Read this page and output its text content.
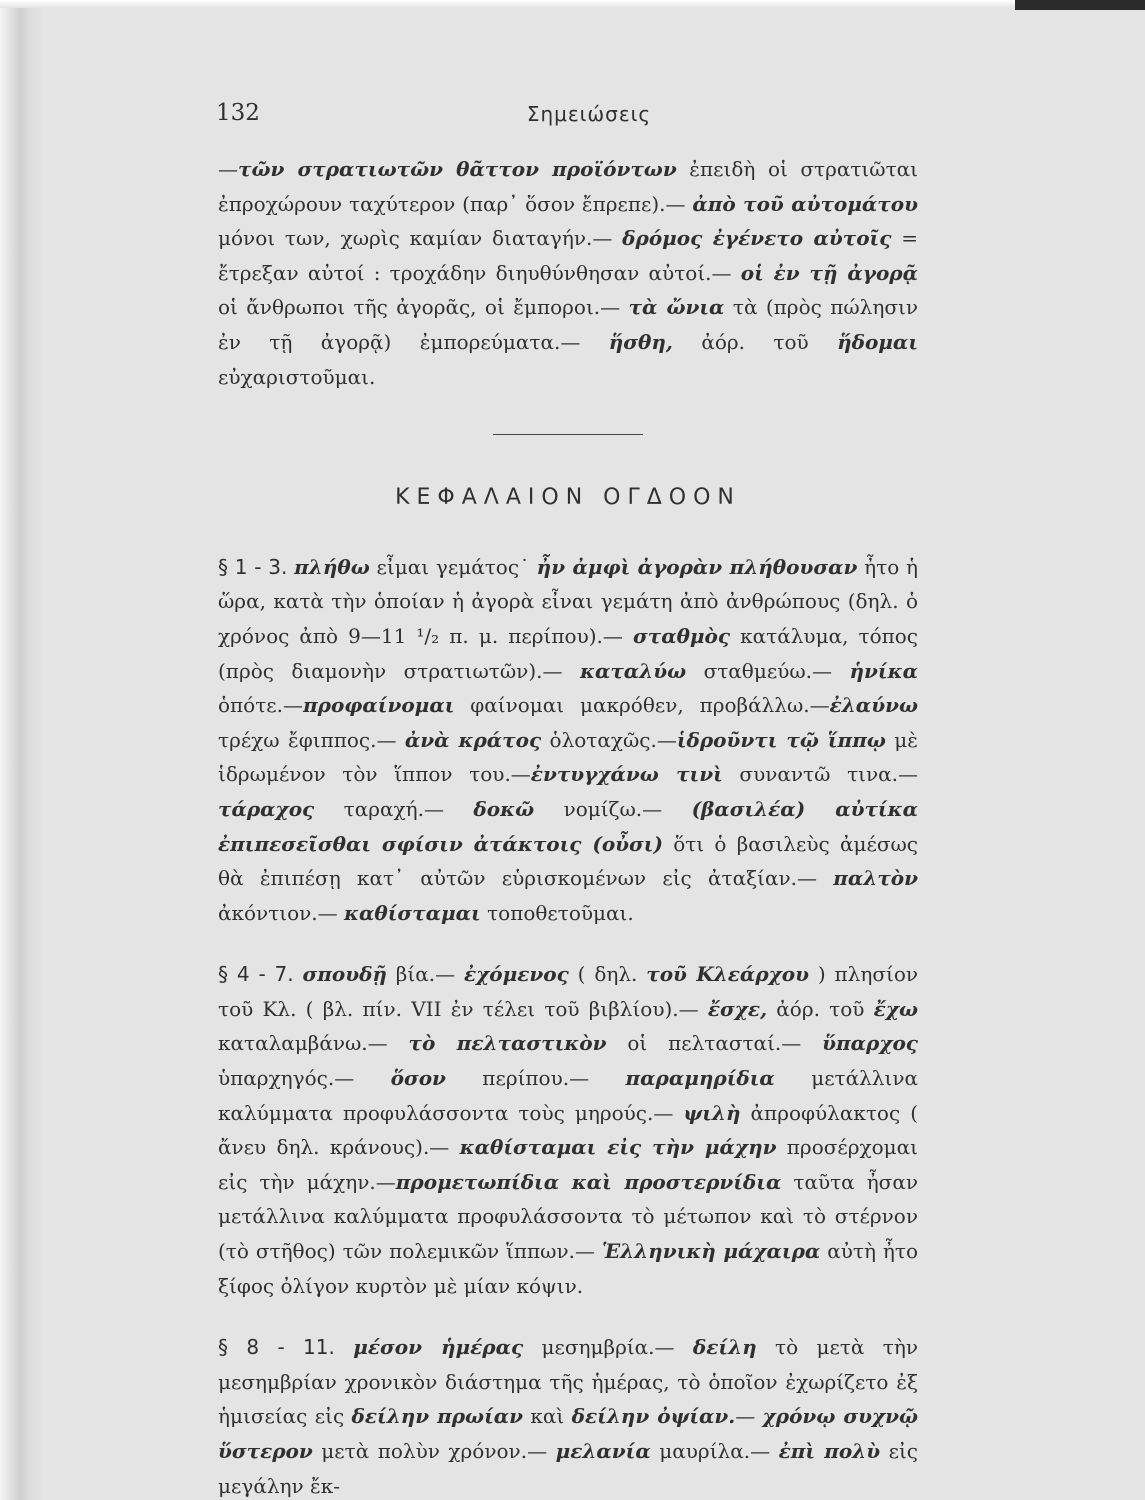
132	Σημειώσεις

—τῶν στρατιωτῶν θᾶττον προϊόντων ἐπειδὴ οἱ στρατιῶται ἐπροχώρουν ταχύτερον (παρ᾽ ὅσον ἔπρεπε).— ἀπὸ τοῦ αὐτομάτου μόνοι των, χωρὶς καμίαν διαταγήν.— δρόμος ἐγένετο αὐτοῖς = ἔτρεξαν αὐτοί : τροχάδην διηυθύνθησαν αὐτοί.— οἱ ἐν τῇ ἀγορᾷ οἱ ἄνθρωποι τῆς ἀγορᾶς, οἱ ἔμποροι.— τὰ ὤνια τὰ (πρὸς πώλησιν ἐν τῇ ἀγορᾷ) ἐμπορεύματα.— ἥσθη, ἀόρ. τοῦ ἥδομαι εὐχαριστοῦμαι.

ΚΕΦΑΛΑΙΟΝ ΟΓΔΟΟΝ

§ 1 - 3. πλήθω εἶμαι γεμάτος˙ ἦν ἀμφὶ ἀγορὰν πλήθουσαν ἦτο ἡ ὥρα, κατὰ τὴν ὁποίαν ἡ ἀγορὰ εἶναι γεμάτη ἀπὸ ἀνθρώπους (δηλ. ὁ χρόνος ἀπὸ 9—11 ¹/₂ π. μ. περίπου).— σταθμὸς κατάλυμα, τόπος (πρὸς διαμονὴν στρατιωτῶν).— καταλύω σταθμεύω.— ἡνίκα ὁπότε.—προφαίνομαι φαίνομαι μακρόθεν, προβάλλω.—ἐλαύνω τρέχω ἔφιππος.— ἀνὰ κράτος ὁλοταχῶς.—ἱδροῦντι τῷ ἵππῳ μὲ ἱδρωμένον τὸν ἵππον του.—ἐντυγχάνω τινὶ συναντῶ τινα.—τάραχος ταραχή.— δοκῶ νομίζω.— (βασιλέα) αὐτίκα ἐπιπεσεῖσθαι σφίσιν ἀτάκτοις (οὖσι) ὅτι ὁ βασιλεὺς ἀμέσως θὰ ἐπιπέσῃ κατ᾽ αὐτῶν εὑρισκομένων εἰς ἀταξίαν.— παλτὸν ἀκόντιον.— καθίσταμαι τοποθετοῦμαι.

§ 4 - 7. σπουδῇ βία.— ἐχόμενος ( δηλ. τοῦ Κλεάρχου ) πλησίον τοῦ Κλ. ( βλ. πίν. VII ἐν τέλει τοῦ βιβλίου).— ἔσχε, ἀόρ. τοῦ ἔχω καταλαμβάνω.— τὸ πελταστικὸν οἱ πελτασταί.— ὕπαρχος ὑπαρχηγός.— ὅσον περίπου.— παραμηρίδια μετάλλινα καλύμματα προφυλάσσοντα τοὺς μηρούς.— ψιλὴ ἀπροφύλακτος ( ἄνευ δηλ. κράνους).— καθίσταμαι εἰς τὴν μάχην προσέρχομαι εἰς τὴν μάχην.—προμετωπίδια καὶ προστερνίδια ταῦτα ἦσαν μετάλλινα καλύμματα προφυλάσσοντα τὸ μέτωπον καὶ τὸ στέρνον (τὸ στῆθος) τῶν πολεμικῶν ἵππων.— Ἑλληνικὴ μάχαιρα αὐτὴ ἦτο ξίφος ὀλίγον κυρτὸν μὲ μίαν κόψιν.

§ 8 - 11. μέσον ἡμέρας μεσημβρία.— δείλη τὸ μετὰ τὴν μεσημβρίαν χρονικὸν διάστημα τῆς ἡμέρας, τὸ ὁποῖον ἐχωρίζετο ἐξ ἡμισείας εἰς δείλην πρωίαν καὶ δείλην ὀψίαν.— χρόνῳ συχνῷ ὕστερον μετὰ πολὺν χρόνον.— μελανία μαυρίλα.— ἐπὶ πολὺ εἰς μεγάλην ἔκ-
